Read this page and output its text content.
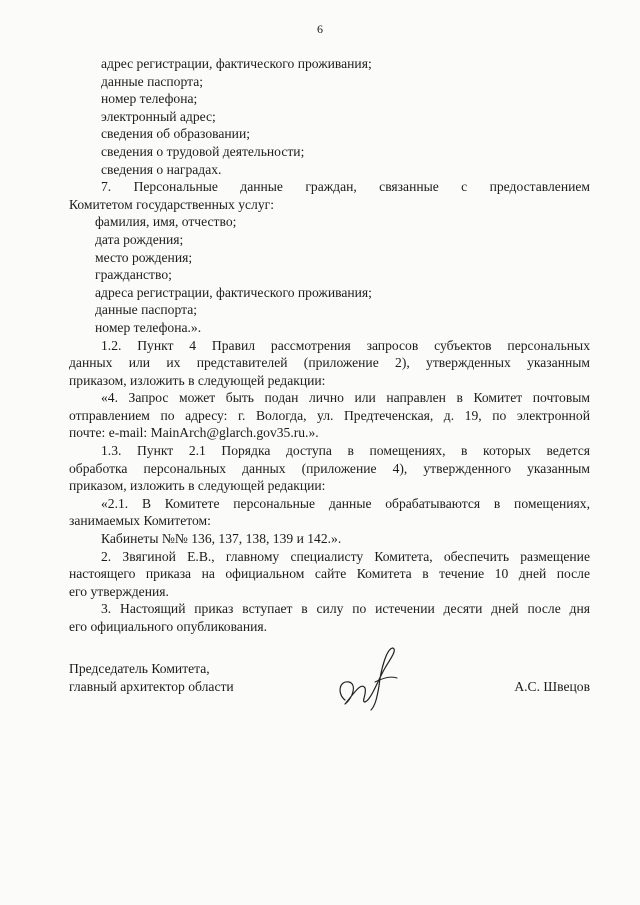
6
адрес регистрации, фактического проживания;
данные паспорта;
номер телефона;
электронный адрес;
сведения об образовании;
сведения о трудовой деятельности;
сведения о наградах.
7. Персональные данные граждан, связанные с предоставлением
Комитетом государственных услуг:
фамилия, имя, отчество;
дата рождения;
место рождения;
гражданство;
адреса регистрации, фактического проживания;
данные паспорта;
номер телефона.».
1.2. Пункт 4 Правил рассмотрения запросов субъектов персональных
данных или их представителей (приложение 2), утвержденных указанным
приказом, изложить в следующей редакции:
«4. Запрос может быть подан лично или направлен в Комитет почтовым
отправлением по адресу: г. Вологда, ул. Предтеченская, д. 19, по электронной
почте: e-mail: MainArch@glarch.gov35.ru.».
1.3. Пункт 2.1 Порядка доступа в помещениях, в которых ведется
обработка персональных данных (приложение 4), утвержденного указанным
приказом, изложить в следующей редакции:
«2.1. В Комитете персональные данные обрабатываются в помещениях,
занимаемых Комитетом:
Кабинеты №№ 136, 137, 138, 139 и 142.».
2. Звягиной Е.В., главному специалисту Комитета, обеспечить размещение
настоящего приказа на официальном сайте Комитета в течение 10 дней после
его утверждения.
3. Настоящий приказ вступает в силу по истечении десяти дней после дня
его официального опубликования.
Председатель Комитета,
главный архитектор области	А.С. Швецов
